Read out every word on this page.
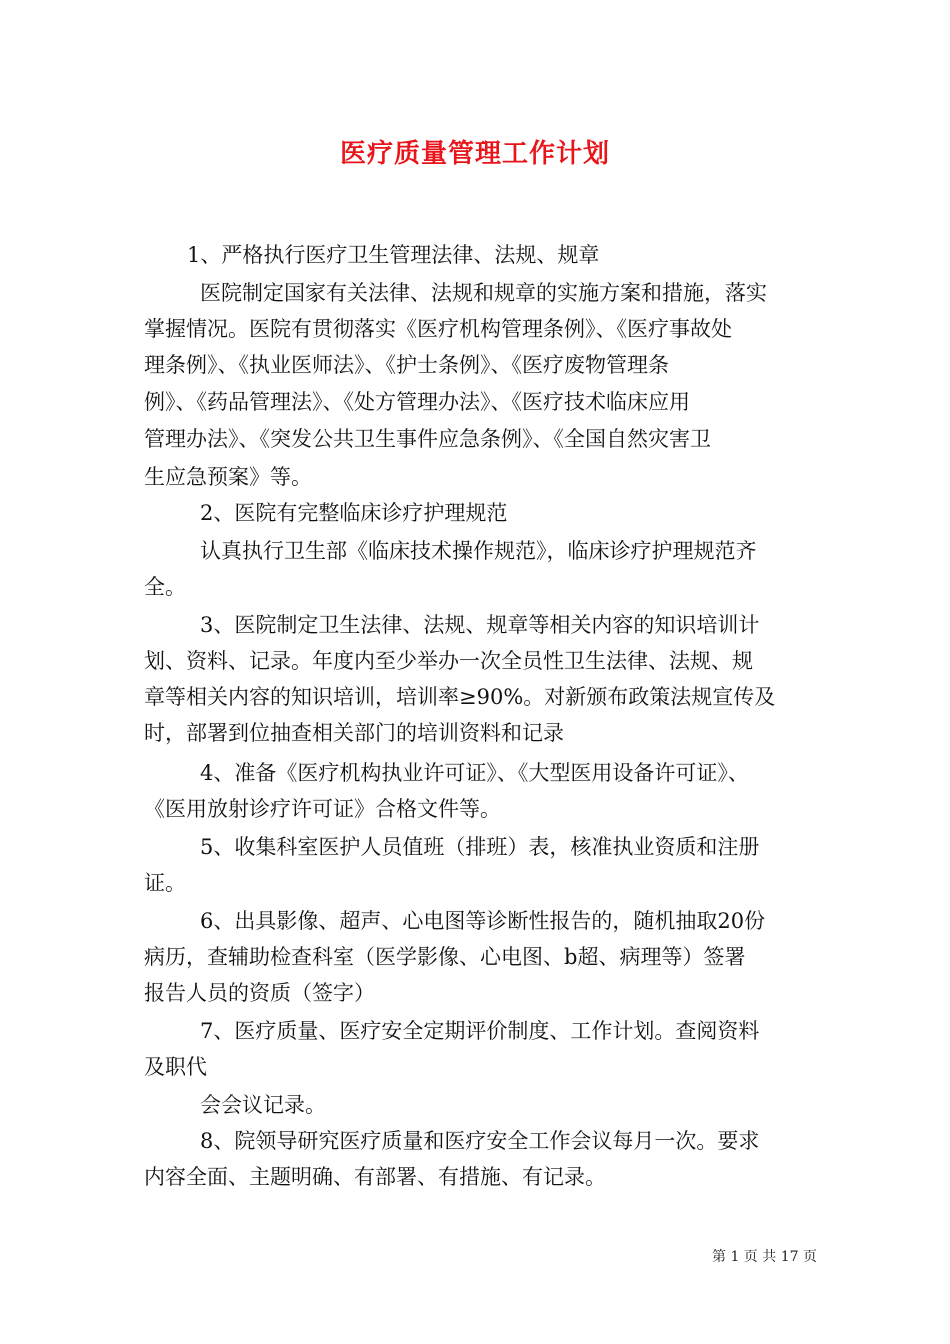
医疗质量管理工作计划
1、严格执行医疗卫生管理法律、法规、规章
医院制定国家有关法律、法规和规章的实施方案和措施，落实
掌握情况。医院有贯彻落实《医疗机构管理条例》、《医疗事故处
理条例》、《执业医师法》、《护士条例》、《医疗废物管理条
例》、《药品管理法》、《处方管理办法》、《医疗技术临床应用
管理办法》、《突发公共卫生事件应急条例》、《全国自然灾害卫
生应急预案》等。
2、医院有完整临床诊疗护理规范
认真执行卫生部《临床技术操作规范》，临床诊疗护理规范齐
全。
3、医院制定卫生法律、法规、规章等相关内容的知识培训计
划、资料、记录。年度内至少举办一次全员性卫生法律、法规、规
章等相关内容的知识培训，培训率≥90%。对新颁布政策法规宣传及
时，部署到位抽查相关部门的培训资料和记录
4、准备《医疗机构执业许可证》、《大型医用设备许可证》、
《医用放射诊疗许可证》合格文件等。
5、收集科室医护人员值班（排班）表，核准执业资质和注册
证。
6、出具影像、超声、心电图等诊断性报告的，随机抽取20份
病历，查辅助检查科室（医学影像、心电图、b超、病理等）签署
报告人员的资质（签字）
7、医疗质量、医疗安全定期评价制度、工作计划。查阅资料
及职代
会会议记录。
8、院领导研究医疗质量和医疗安全工作会议每月一次。要求
内容全面、主题明确、有部署、有措施、有记录。
第 1 页 共 17 页
